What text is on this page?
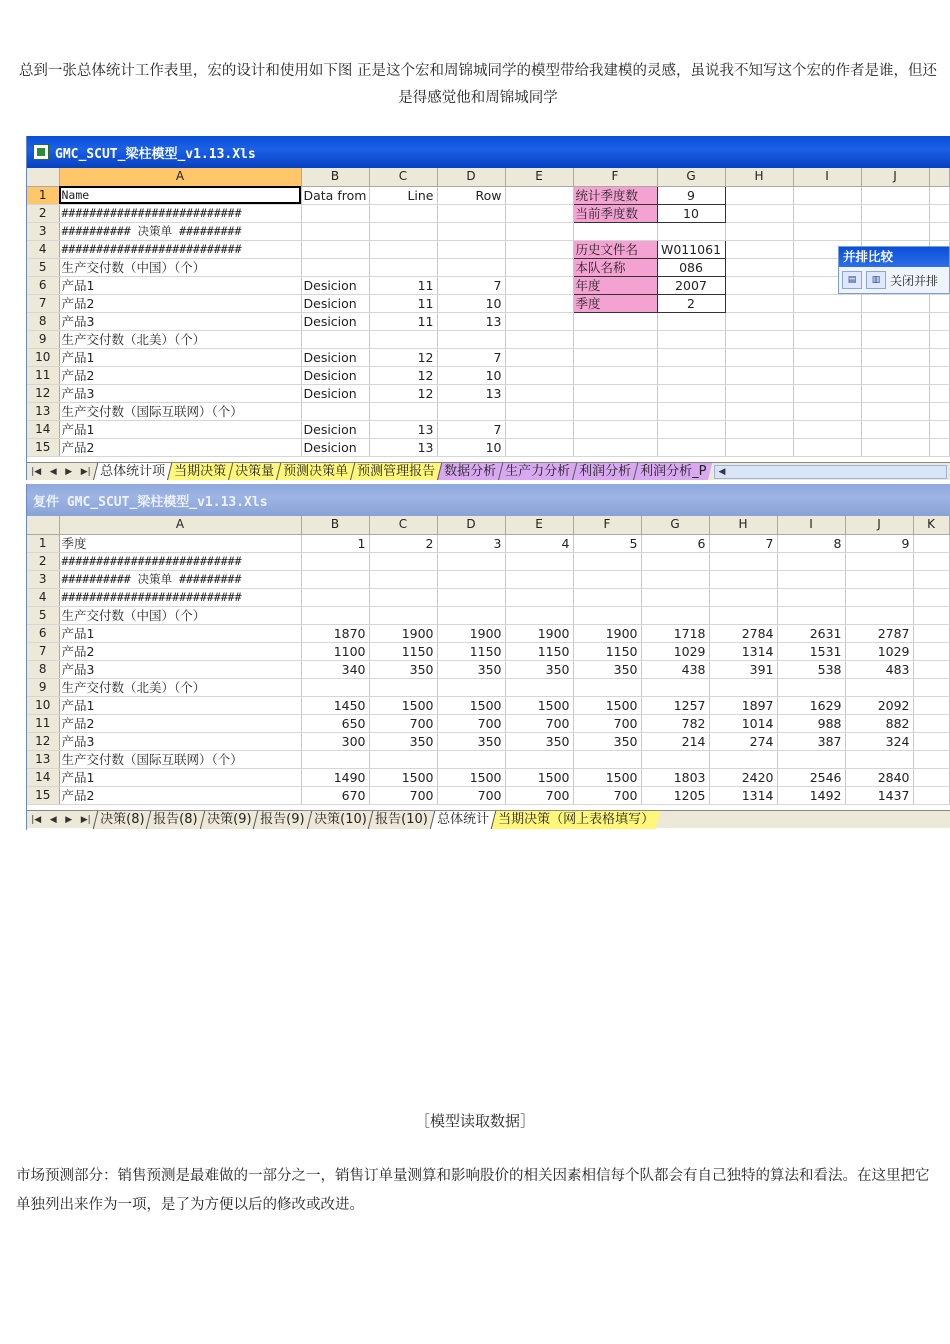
总到一张总体统计工作表里，宏的设计和使用如下图 正是这个宏和周锦城同学的模型带给我建模的灵感，虽说我不知写这个宏的作者是谁，但还是得感觉他和周锦城同学
GMC_SCUT_梁柱模型_v1.13.Xls
	A	B	C	D	E	F	G	H	I	J	
1	Name	Data from	Line	Row		统计季度数	9				
2	##########################					当前季度数	10				
3	########## 决策单 #########										
4	##########################					历史文件名	W011061				
5	生产交付数（中国）（个）					本队名称	086				
6	产品1	Desicion	11	7		年度	2007				
7	产品2	Desicion	11	10		季度	2				
8	产品3	Desicion	11	13							
9	生产交付数（北美）（个）										
10	产品1	Desicion	12	7							
11	产品2	Desicion	12	10							
12	产品3	Desicion	12	13							
13	生产交付数（国际互联网）（个）										
14	产品1	Desicion	13	7							
15	产品2	Desicion	13	10							
|◀ ◀ ▶ ▶| 总体统计项 当期决策 决策量 预测决策单 预测管理报告 数据分析 生产力分析 利润分析 利润分析_P	◀
并排比较
▤	▥ 关闭并排
复件 GMC_SCUT_梁柱模型_v1.13.Xls
	A	B	C	D	E	F	G	H	I	J	K
1	季度	1	2	3	4	5	6	7	8	9	
2	##########################										
3	########## 决策单 #########										
4	##########################										
5	生产交付数（中国）（个）										
6	产品1	1870	1900	1900	1900	1900	1718	2784	2631	2787	
7	产品2	1100	1150	1150	1150	1150	1029	1314	1531	1029	
8	产品3	340	350	350	350	350	438	391	538	483	
9	生产交付数（北美）（个）										
10	产品1	1450	1500	1500	1500	1500	1257	1897	1629	2092	
11	产品2	650	700	700	700	700	782	1014	988	882	
12	产品3	300	350	350	350	350	214	274	387	324	
13	生产交付数（国际互联网）（个）										
14	产品1	1490	1500	1500	1500	1500	1803	2420	2546	2840	
15	产品2	670	700	700	700	700	1205	1314	1492	1437	
|◀ ◀ ▶ ▶| 决策(8) 报告(8) 决策(9) 报告(9) 决策(10) 报告(10) 总体统计 当期决策（网上表格填写）
［模型读取数据］
市场预测部分：销售预测是最难做的一部分之一，销售订单量测算和影响股价的相关因素相信每个队都会有自己独特的算法和看法。在这里把它单独列出来作为一项，是了为方便以后的修改或改进。
